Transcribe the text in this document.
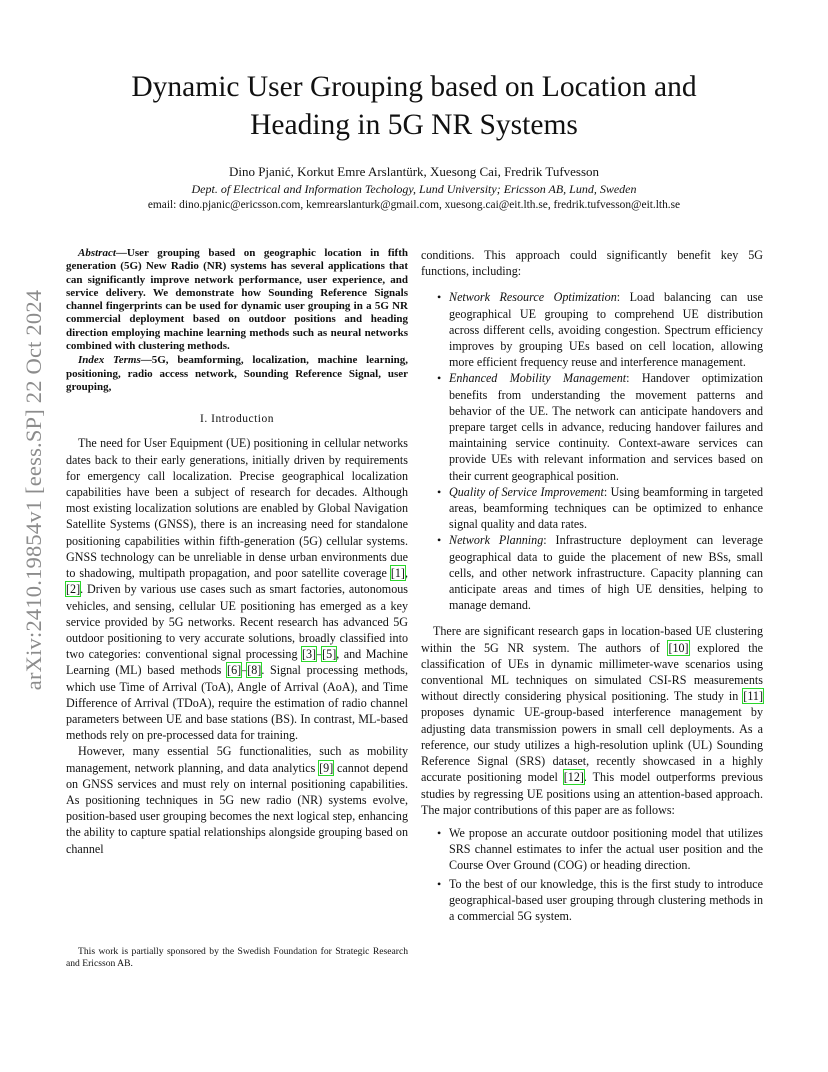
arXiv:2410.19854v1 [eess.SP] 22 Oct 2024
Dynamic User Grouping based on Location and
Heading in 5G NR Systems
Dino Pjanić, Korkut Emre Arslantürk, Xuesong Cai, Fredrik Tufvesson
Dept. of Electrical and Information Techology, Lund University; Ericsson AB, Lund, Sweden
email: dino.pjanic@ericsson.com, kemrearslanturk@gmail.com, xuesong.cai@eit.lth.se, fredrik.tufvesson@eit.lth.se

Abstract—User grouping based on geographic location in fifth generation (5G) New Radio (NR) systems has several applications that can significantly improve network performance, user experience, and service delivery. We demonstrate how Sounding Reference Signals channel fingerprints can be used for dynamic user grouping in a 5G NR commercial deployment based on outdoor positions and heading direction employing machine learning methods such as neural networks combined with clustering methods.

Index Terms—5G, beamforming, localization, machine learning, positioning, radio access network, Sounding Reference Signal, user grouping,

I. Introduction

The need for User Equipment (UE) positioning in cellular networks dates back to their early generations, initially driven by requirements for emergency call localization. Precise geographical localization capabilities have been a subject of research for decades. Although most existing localization solutions are enabled by Global Navigation Satellite Systems (GNSS), there is an increasing need for standalone positioning capabilities within fifth-generation (5G) cellular systems. GNSS technology can be unreliable in dense urban environments due to shadowing, multipath propagation, and poor satellite coverage [1], [2]. Driven by various use cases such as smart factories, autonomous vehicles, and sensing, cellular UE positioning has emerged as a key service provided by 5G networks. Recent research has advanced 5G outdoor positioning to very accurate solutions, broadly classified into two categories: conventional signal processing [3]–[5], and Machine Learning (ML) based methods [6]–[8]. Signal processing methods, which use Time of Arrival (ToA), Angle of Arrival (AoA), and Time Difference of Arrival (TDoA), require the estimation of radio channel parameters between UE and base stations (BS). In contrast, ML-based methods rely on pre-processed data for training.

However, many essential 5G functionalities, such as mobility management, network planning, and data analytics [9] cannot depend on GNSS services and must rely on internal positioning capabilities. As positioning techniques in 5G new radio (NR) systems evolve, position-based user grouping becomes the next logical step, enhancing the ability to capture spatial relationships alongside grouping based on channel

This work is partially sponsored by the Swedish Foundation for Strategic Research and Ericsson AB.

conditions. This approach could significantly benefit key 5G functions, including:

• Network Resource Optimization: Load balancing can use geographical UE grouping to comprehend UE distribution across different cells, avoiding congestion. Spectrum efficiency improves by grouping UEs based on cell location, allowing more efficient frequency reuse and interference management.
• Enhanced Mobility Management: Handover optimization benefits from understanding the movement patterns and behavior of the UE. The network can anticipate handovers and prepare target cells in advance, reducing handover failures and maintaining service continuity. Context-aware services can provide UEs with relevant information and services based on their current geographical position.
• Quality of Service Improvement: Using beamforming in targeted areas, beamforming techniques can be optimized to enhance signal quality and data rates.
• Network Planning: Infrastructure deployment can leverage geographical data to guide the placement of new BSs, small cells, and other network infrastructure. Capacity planning can anticipate areas and times of high UE densities, helping to manage demand.

There are significant research gaps in location-based UE clustering within the 5G NR system. The authors of [10] explored the classification of UEs in dynamic millimeter-wave scenarios using conventional ML techniques on simulated CSI-RS measurements without directly considering physical positioning. The study in [11] proposes dynamic UE-group-based interference management by adjusting data transmission powers in small cell deployments. As a reference, our study utilizes a high-resolution uplink (UL) Sounding Reference Signal (SRS) dataset, recently showcased in a highly accurate positioning model [12]. This model outperforms previous studies by regressing UE positions using an attention-based approach. The major contributions of this paper are as follows:

• We propose an accurate outdoor positioning model that utilizes SRS channel estimates to infer the actual user position and the Course Over Ground (COG) or heading direction.
• To the best of our knowledge, this is the first study to introduce geographical-based user grouping through clustering methods in a commercial 5G system.
